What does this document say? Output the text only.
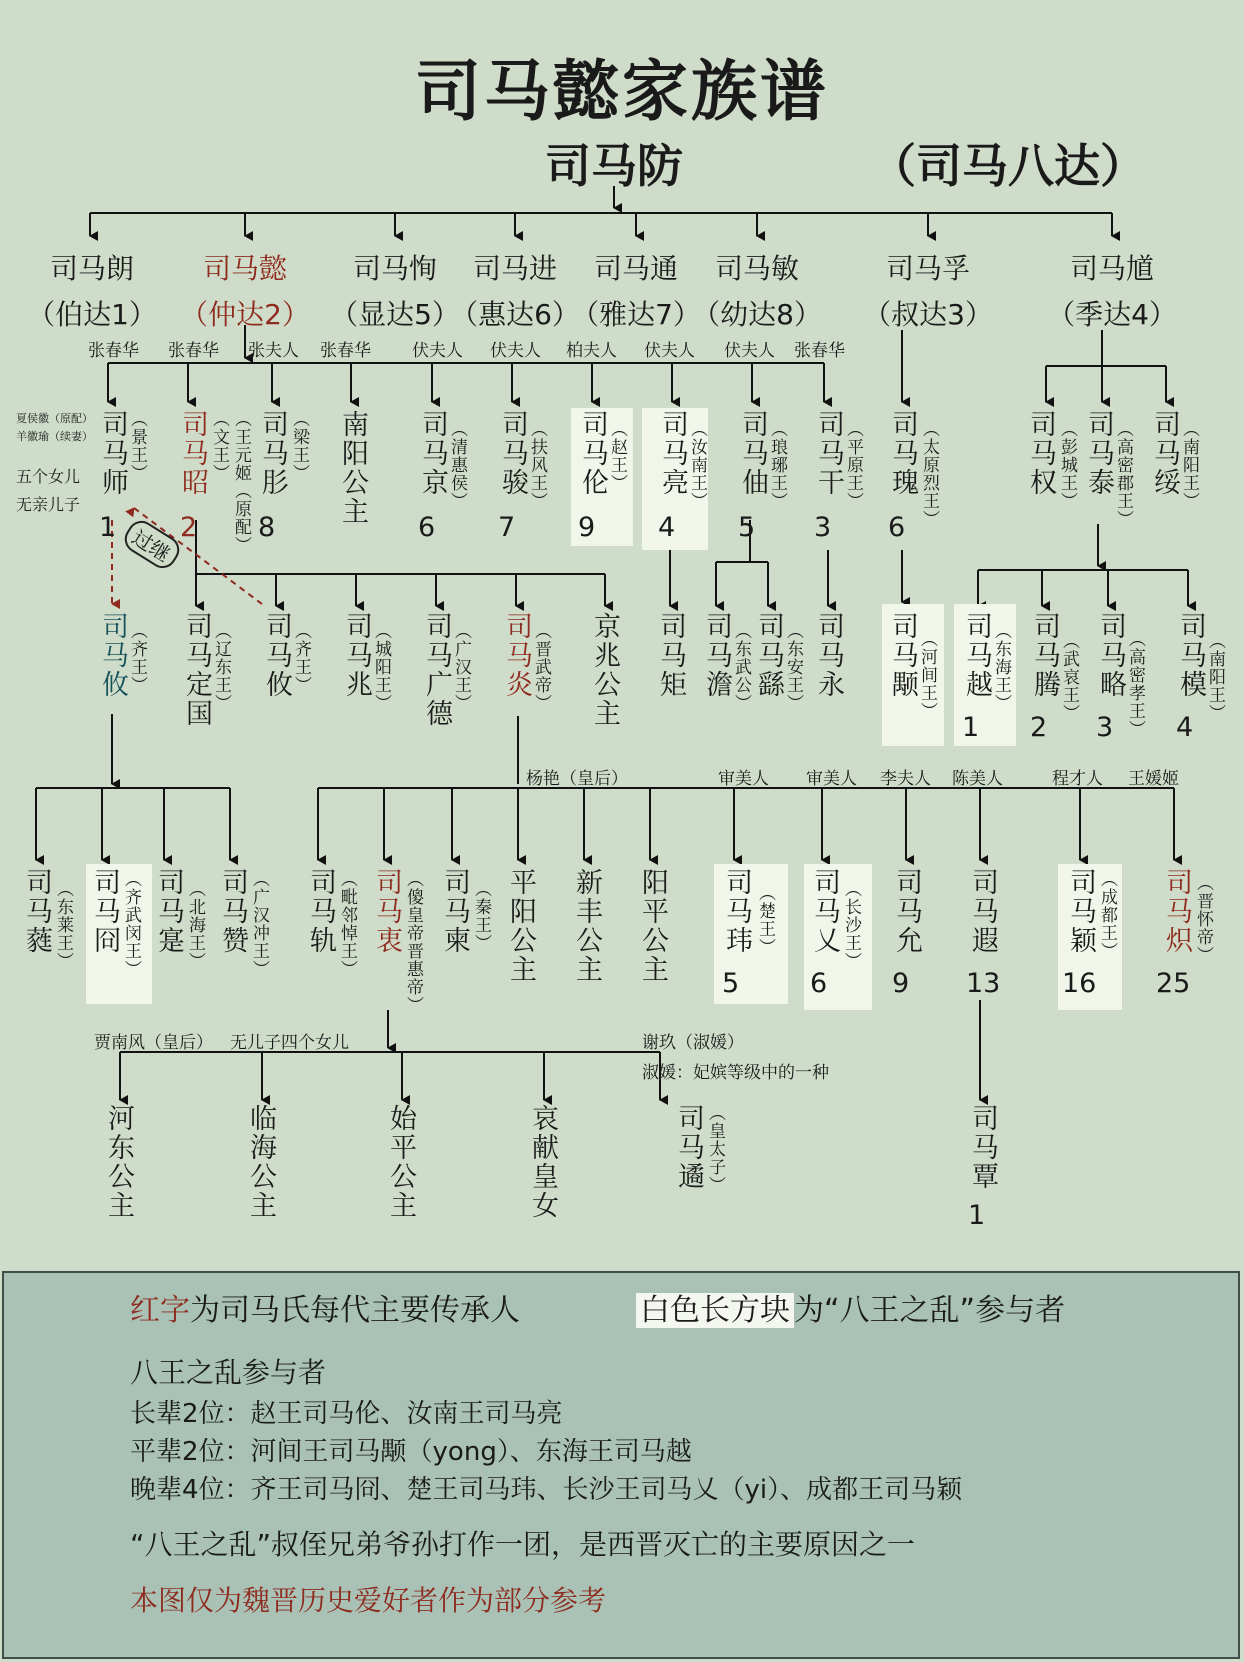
司马懿家族谱
司马防	（司马八达）
司马朗
（伯达1）
司马懿
（仲达2）
司马恂
（显达5）
司马进
（惠达6）
司马通
（雅达7）
司马敏
（幼达8）
司马孚
（叔达3）
司马馗
（季达4）
张春华 张春华 张夫人 张春华 伏夫人 伏夫人 柏夫人 伏夫人 伏夫人 张春华
夏侯徽（原配）
羊徽瑜（续妻）
五个女儿
无亲儿子
司马师 （景王）
1
司马昭 （文王） （王元姬（原配）
2
司马肜 （梁王）
8
南阳公主 司马京 （清惠侯）
6
司马骏 （扶风王）
7
司马伦 （赵王）
9
司马亮 （汝南王）
4
司马伷 （琅琊王）
5
司马干 （平原王）
3
司马瑰 （太原烈王）
6
司马权 （彭城王） 司马泰 （高密郡王） 司马绥 （南阳王）
过继
司马攸 （齐王） 司马定国 （辽东王） 司马攸 （齐王） 司马兆 （城阳王） 司马广德 （广汉王） 司马炎 （晋武帝） 京兆公主 司马矩 司马澹 （东武公） 司马繇 （东安王） 司马永 司马颙 （河间王） 司马越 （东海王）
1
司马腾 （武哀王）
2
司马略 （高密孝王）
3
司马模 （南阳王）
4
杨艳（皇后）	审美人 审美人 李夫人 陈美人	程才人 王媛姬
司马蕤 （东莱王） 司马冏 （齐武闵王） 司马寔 （北海王） 司马赞 （广汉冲王） 司马轨 （毗邻悼王） 司马衷 （傻皇帝晋惠帝） 司马柬 （秦王） 平阳公主 新丰公主 阳平公主 司马玮 （楚王）
5
司马乂 （长沙王）
6
司马允
9
司马遐
13
司马颖 （成都王）
16
司马炽 （晋怀帝）
25
贾南风（皇后） 无儿子四个女儿	谢玖（淑媛）
淑媛：妃嫔等级中的一种
河东公主	临海公主	始平公主	哀献皇女	司马遹 （皇太子）	司马覃
1
红字为司马氏每代主要传承人	白色长方块 为“八王之乱”参与者
八王之乱参与者
长辈2位：赵王司马伦、汝南王司马亮
平辈2位：河间王司马颙（yong）、东海王司马越
晚辈4位：齐王司马冏、楚王司马玮、长沙王司马乂（yi）、成都王司马颖
“八王之乱”叔侄兄弟爷孙打作一团，是西晋灭亡的主要原因之一
本图仅为魏晋历史爱好者作为部分参考
